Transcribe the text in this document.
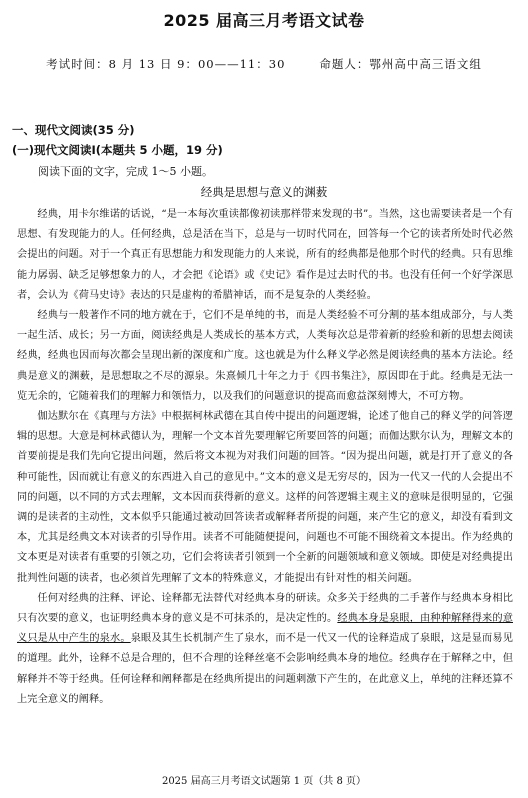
2025 届高三月考语文试卷
考试时间：8 月 13 日 9：00——11：30	命题人：鄂州高中高三语文组
一、现代文阅读(35 分)
(一)现代文阅读Ⅰ(本题共 5 小题，19 分)
阅读下面的文字，完成 1～5 小题。
经典是思想与意义的渊薮

经典，用卡尔维诺的话说，“是一本每次重读都像初读那样带来发现的书”。当然，这也需要读者是一个有思想、有发现能力的人。任何经典，总是活在当下，总是与一切时代同在，回答每一个它的读者所处时代必然会提出的问题。对于一个真正有思想能力和发现能力的人来说，所有的经典都是他那个时代的经典。只有思维能力孱弱、缺乏足够想象力的人，才会把《论语》或《史记》看作是过去时代的书。也没有任何一个好学深思者，会认为《荷马史诗》表达的只是虚构的希腊神话，而不是复杂的人类经验。

经典与一般著作不同的地方就在于，它们不是单纯的书，而是人类经验不可分割的基本组成部分，与人类一起生活、成长；另一方面，阅读经典是人类成长的基本方式，人类每次总是带着新的经验和新的思想去阅读经典，经典也因而每次都会呈现出新的深度和广度。这也就是为什么释义学必然是阅读经典的基本方法论。经典是意义的渊薮，是思想取之不尽的源泉。朱熹倾几十年之力于《四书集注》，原因即在于此。经典是无法一览无余的，它随着我们的理解力和领悟力，以及我们的问题意识的提高而愈益深刻博大，不可方物。

伽达默尔在《真理与方法》中根据柯林武德在其自传中提出的问题逻辑，论述了他自己的释义学的问答逻辑的思想。大意是柯林武德认为，理解一个文本首先要理解它所要回答的问题；而伽达默尔认为，理解文本的首要前提是我们先向它提出问题，然后将文本视为对我们问题的回答。“因为提出问题，就是打开了意义的各种可能性，因而就让有意义的东西进入自己的意见中。”文本的意义是无穷尽的，因为一代又一代的人会提出不同的问题，以不同的方式去理解，文本因而获得新的意义。这样的问答逻辑主观主义的意味是很明显的，它强调的是读者的主动性，文本似乎只能通过被动回答读者或解释者所提的问题，来产生它的意义，却没有看到文本，尤其是经典文本对读者的引导作用。读者不可能随便提问，问题也不可能不围绕着文本提出。作为经典的文本更是对读者有重要的引领之功，它们会将读者引领到一个全新的问题领域和意义领域。即使是对经典提出批判性问题的读者，也必须首先理解了文本的特殊意义，才能提出有针对性的相关问题。

任何对经典的注释、评论、诠释都无法替代对经典本身的研读。众多关于经典的二手著作与经典本身相比只有次要的意义，也证明经典本身的意义是不可抹杀的，是决定性的。经典本身是泉眼，由种种解释得来的意义只是从中产生的泉水。泉眼及其生长机制产生了泉水，而不是一代又一代的诠释造成了泉眼，这是显而易见的道理。此外，诠释不总是合理的，但不合理的诠释丝毫不会影响经典本身的地位。经典存在于解释之中，但解释并不等于经典。任何诠释和阐释都是在经典所提出的问题刺激下产生的，在此意义上，单纯的注释还算不上完全意义的阐释。

2025 届高三月考语文试题第 1 页（共 8 页）
